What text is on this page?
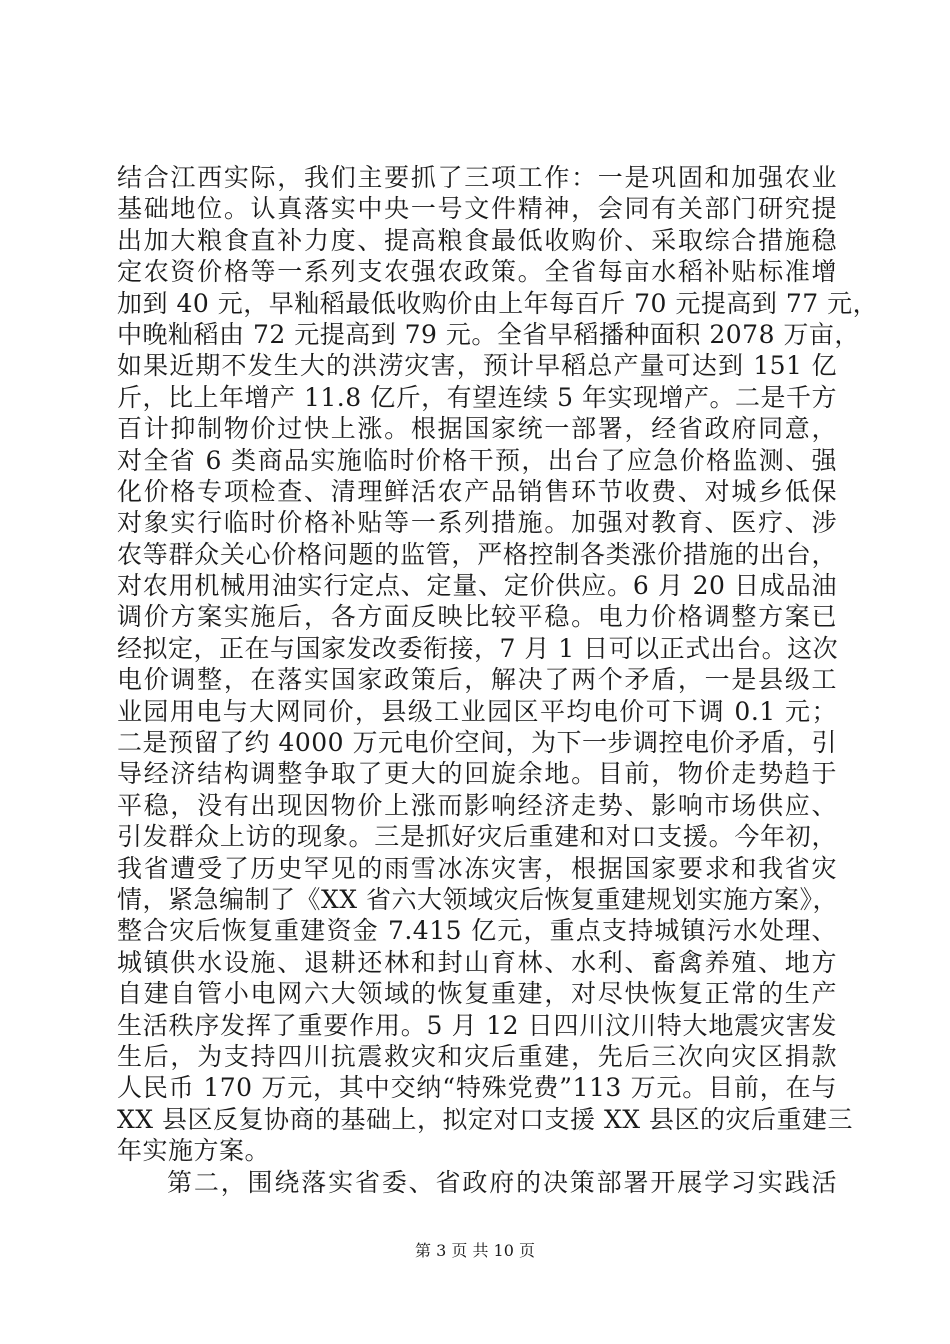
结合江西实际，我们主要抓了三项工作：一是巩固和加强农业
基础地位。认真落实中央一号文件精神，会同有关部门研究提
出加大粮食直补力度、提高粮食最低收购价、采取综合措施稳
定农资价格等一系列支农强农政策。全省每亩水稻补贴标准增
加到 40 元，早籼稻最低收购价由上年每百斤 70 元提高到 77 元，
中晚籼稻由 72 元提高到 79 元。全省早稻播种面积 2078 万亩，
如果近期不发生大的洪涝灾害，预计早稻总产量可达到 151 亿
斤，比上年增产 11.8 亿斤，有望连续 5 年实现增产。二是千方
百计抑制物价过快上涨。根据国家统一部署，经省政府同意，
对全省 6 类商品实施临时价格干预，出台了应急价格监测、强
化价格专项检查、清理鲜活农产品销售环节收费、对城乡低保
对象实行临时价格补贴等一系列措施。加强对教育、医疗、涉
农等群众关心价格问题的监管，严格控制各类涨价措施的出台，
对农用机械用油实行定点、定量、定价供应。6 月 20 日成品油
调价方案实施后，各方面反映比较平稳。电力价格调整方案已
经拟定，正在与国家发改委衔接，7 月 1 日可以正式出台。这次
电价调整，在落实国家政策后，解决了两个矛盾，一是县级工
业园用电与大网同价，县级工业园区平均电价可下调 0.1 元；
二是预留了约 4000 万元电价空间，为下一步调控电价矛盾，引
导经济结构调整争取了更大的回旋余地。目前，物价走势趋于
平稳，没有出现因物价上涨而影响经济走势、影响市场供应、
引发群众上访的现象。三是抓好灾后重建和对口支援。今年初，
我省遭受了历史罕见的雨雪冰冻灾害，根据国家要求和我省灾
情，紧急编制了《XX 省六大领域灾后恢复重建规划实施方案》，
整合灾后恢复重建资金 7.415 亿元，重点支持城镇污水处理、
城镇供水设施、退耕还林和封山育林、水利、畜禽养殖、地方
自建自管小电网六大领域的恢复重建，对尽快恢复正常的生产
生活秩序发挥了重要作用。5 月 12 日四川汶川特大地震灾害发
生后，为支持四川抗震救灾和灾后重建，先后三次向灾区捐款
人民币 170 万元，其中交纳“特殊党费”113 万元。目前，在与
XX 县区反复协商的基础上，拟定对口支援 XX 县区的灾后重建三
年实施方案。
第二，围绕落实省委、省政府的决策部署开展学习实践活
第 3 页 共 10 页
